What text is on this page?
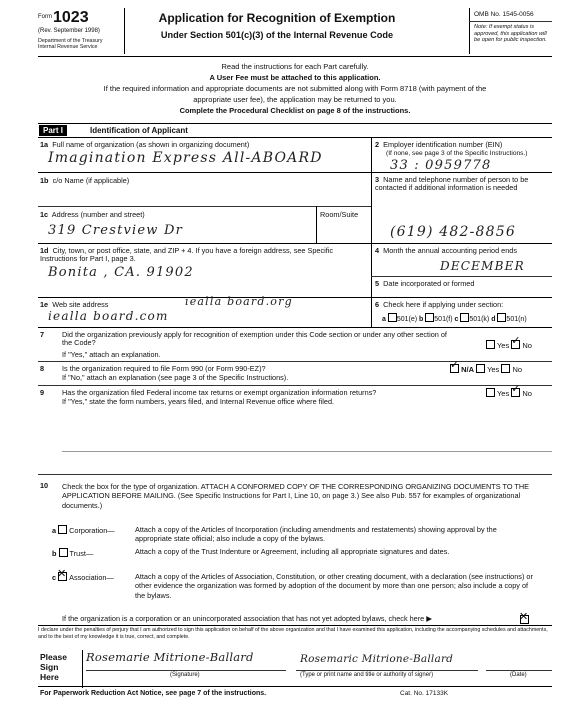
Form 1023
(Rev. September 1998)
Department of the Treasury
Internal Revenue Service
Application for Recognition of Exemption
Under Section 501(c)(3) of the Internal Revenue Code
OMB No. 1545-0056
Note: If exempt status is approved, this application will be open for public inspection.
Read the instructions for each Part carefully.
A User Fee must be attached to this application.
If the required information and appropriate documents are not submitted along with Form 8718 (with payment of the
appropriate user fee), the application may be returned to you.
Complete the Procedural Checklist on page 8 of the instructions.
Part I	Identification of Applicant
1a Full name of organization (as shown in organizing document)
Imagination Express All-ABOARD
2 Employer identification number (EIN)
(If none, see page 3 of the Specific Instructions.)
33 : 0959778
1b c/o Name (if applicable)	3 Name and telephone number of person to be contacted if additional information is needed
1c Address (number and street)	Room/Suite
319 Crestview Dr	(619) 482-8856
1d City, town, or post office, state, and ZIP + 4. If you have a foreign address, see Specific Instructions for Part I, page 3.
Bonita , CA. 91902
4 Month the annual accounting period ends
DECEMBER
5 Date incorporated or formed
1e Web site address	iealla board.org
iealla board.com
6 Check here if applying under section:
a 501(e) b 501(f) c 501(k) d 501(n)
7 Did the organization previously apply for recognition of exemption under this Code section or under any other section of the Code?
If "Yes," attach an explanation.
Yes ✓ No
8 Is the organization required to file Form 990 (or Form 990-EZ)?
If "No," attach an explanation (see page 3 of the Specific Instructions).
✓ N/A Yes No
9 Has the organization filed Federal income tax returns or exempt organization information returns?
If "Yes," state the form numbers, years filed, and Internal Revenue office where filed.
Yes ✓ No
10 Check the box for the type of organization. ATTACH A CONFORMED COPY OF THE CORRESPONDING ORGANIZING DOCUMENTS TO THE APPLICATION BEFORE MAILING. (See Specific Instructions for Part I, Line 10, on page 3.) See also Pub. 557 for examples of organizational documents.)
a Corporation—	Attach a copy of the Articles of Incorporation (including amendments and restatements) showing approval by the appropriate state official; also include a copy of the bylaws.
b Trust—	Attach a copy of the Trust Indenture or Agreement, including all appropriate signatures and dates.
c ✕ Association—	Attach a copy of the Articles of Association, Constitution, or other creating document, with a declaration (see instructions) or other evidence the organization was formed by adoption of the document by more than one person; also include a copy of the bylaws.
If the organization is a corporation or an unincorporated association that has not yet adopted bylaws, check here ▶
✕
I declare under the penalties of perjury that I am authorized to sign this application on behalf of the above organization and that I have examined this application, including the accompanying schedules and attachments, and to the best of my knowledge it is true, correct, and complete.
Please
Sign
Here
Rosemarie Mitrione-Ballard	Rosemaric Mitrione-Ballard
(Signature)	(Type or print name and title or authority of signer)	(Date)
For Paperwork Reduction Act Notice, see page 7 of the instructions.	Cat. No. 17133K
